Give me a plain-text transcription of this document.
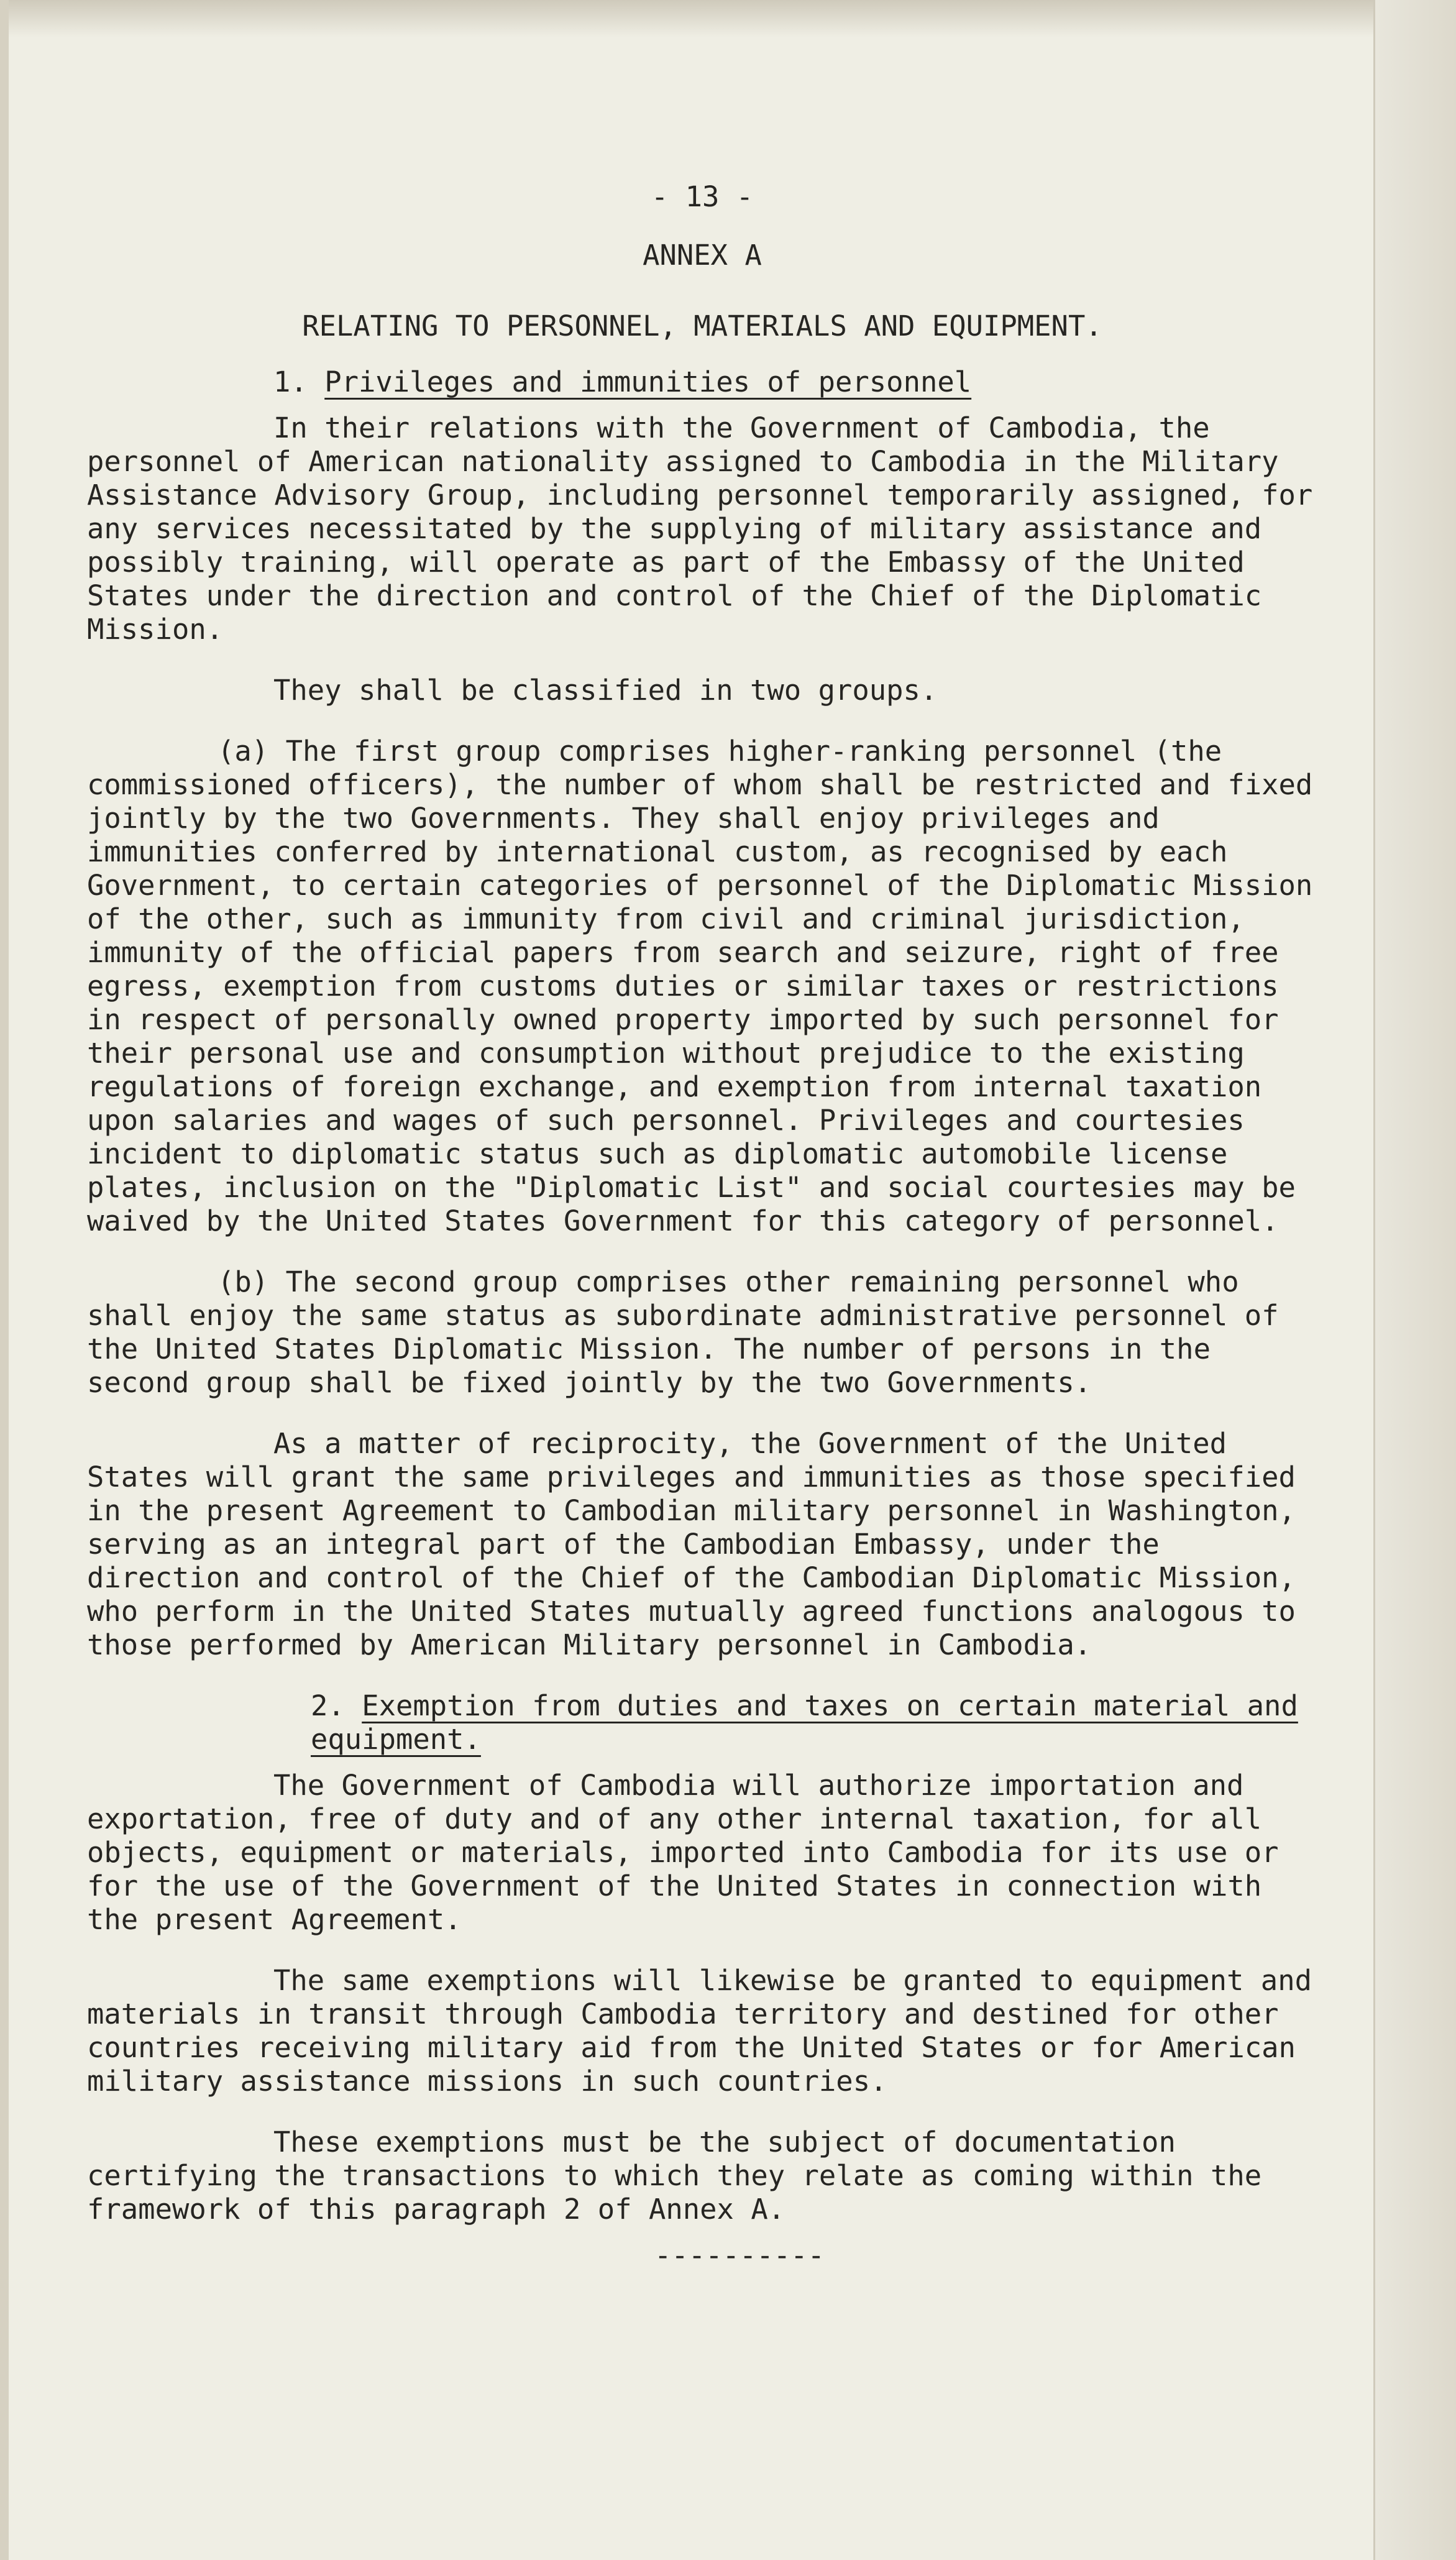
- 13 -
ANNEX A
RELATING TO PERSONNEL, MATERIALS AND EQUIPMENT.
1. Privileges and immunities of personnel

In their relations with the Government of Cambodia, the personnel of American nationality assigned to Cambodia in the Military Assistance Advisory Group, including personnel temporarily assigned, for any services necessitated by the supplying of military assistance and possibly training, will operate as part of the Embassy of the United States under the direction and control of the Chief of the Diplomatic Mission.

They shall be classified in two groups.

(a) The first group comprises higher-ranking personnel (the commissioned officers), the number of whom shall be restricted and fixed jointly by the two Governments. They shall enjoy privileges and immunities conferred by international custom, as recognised by each Government, to certain categories of personnel of the Diplomatic Mission of the other, such as immunity from civil and criminal jurisdiction, immunity of the official papers from search and seizure, right of free egress, exemption from customs duties or similar taxes or restrictions in respect of personally owned property imported by such personnel for their personal use and consumption without prejudice to the existing regulations of foreign exchange, and exemption from internal taxation upon salaries and wages of such personnel. Privileges and courtesies incident to diplomatic status such as diplomatic automobile license plates, inclusion on the "Diplomatic List" and social courtesies may be waived by the United States Government for this category of personnel.

(b) The second group comprises other remaining personnel who shall enjoy the same status as subordinate administrative personnel of the United States Diplomatic Mission. The number of persons in the second group shall be fixed jointly by the two Governments.

As a matter of reciprocity, the Government of the United States will grant the same privileges and immunities as those specified in the present Agreement to Cambodian military personnel in Washington, serving as an integral part of the Cambodian Embassy, under the direction and control of the Chief of the Cambodian Diplomatic Mission, who perform in the United States mutually agreed functions analogous to those performed by American Military personnel in Cambodia.

2. Exemption from duties and taxes on certain material and equipment.

The Government of Cambodia will authorize importation and exportation, free of duty and of any other internal taxation, for all objects, equipment or materials, imported into Cambodia for its use or for the use of the Government of the United States in connection with the present Agreement.

The same exemptions will likewise be granted to equipment and materials in transit through Cambodia territory and destined for other countries receiving military aid from the United States or for American military assistance missions in such countries.

These exemptions must be the subject of documentation certifying the transactions to which they relate as coming within the framework of this paragraph 2 of Annex A.

----------
